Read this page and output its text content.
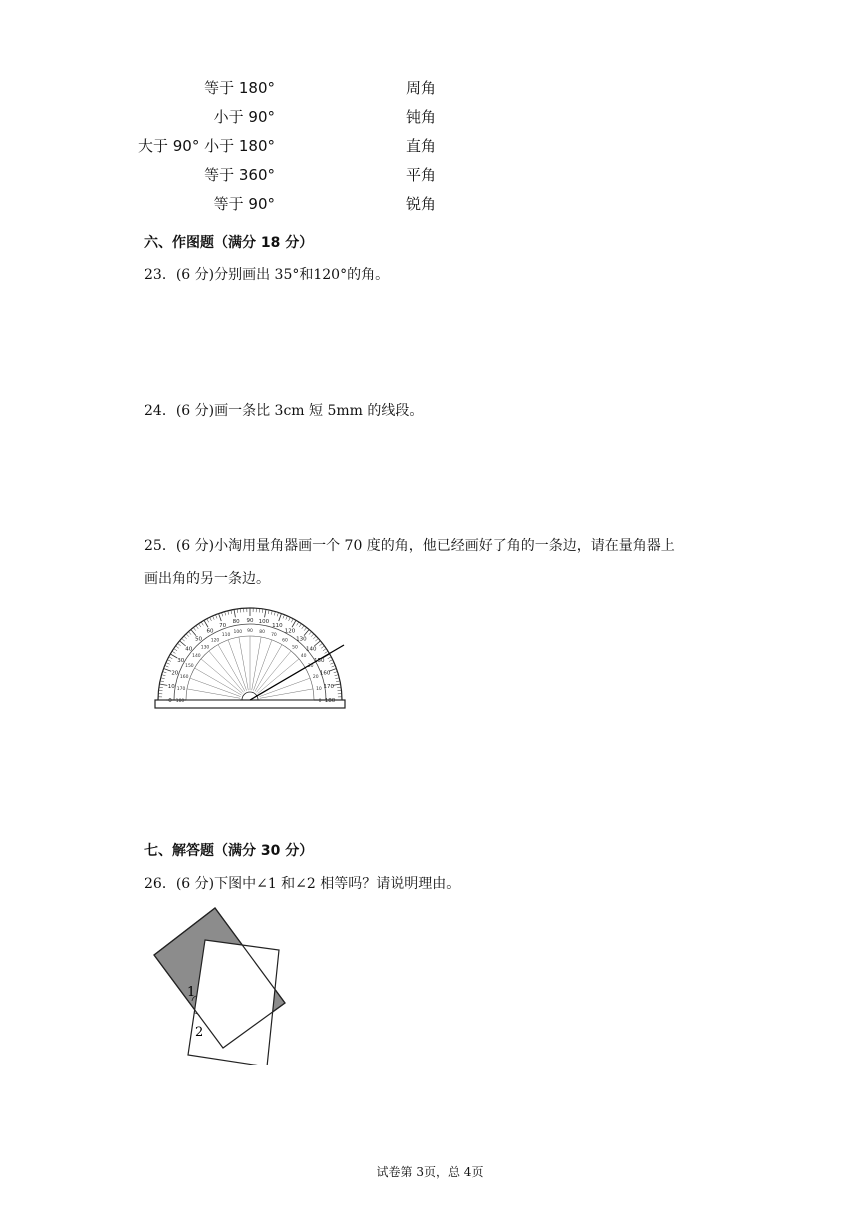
等于 180°
小于 90°
大于 90° 小于 180°
等于 360°
等于 90°
周角
钝角
直角
平角
锐角
六、作图题（满分 18 分）
23．(6 分)分别画出 35°和120°的角。
24．(6 分)画一条比 3cm 短 5mm 的线段。
25．(6 分)小淘用量角器画一个 70 度的角，他已经画好了角的一条边，请在量角器上
画出角的另一条边。
0
10
20
30
40
50
60
70
80 90 100
110
120
130
140
150
160
170
180
180
170
160
150
140
130
120
110
100 90 80
70
60
50
40
30
20
10
0
七、解答题（满分 30 分）
26．(6 分)下图中∠1 和∠2 相等吗？请说明理由。
1
2
试卷第 3页，总 4页
